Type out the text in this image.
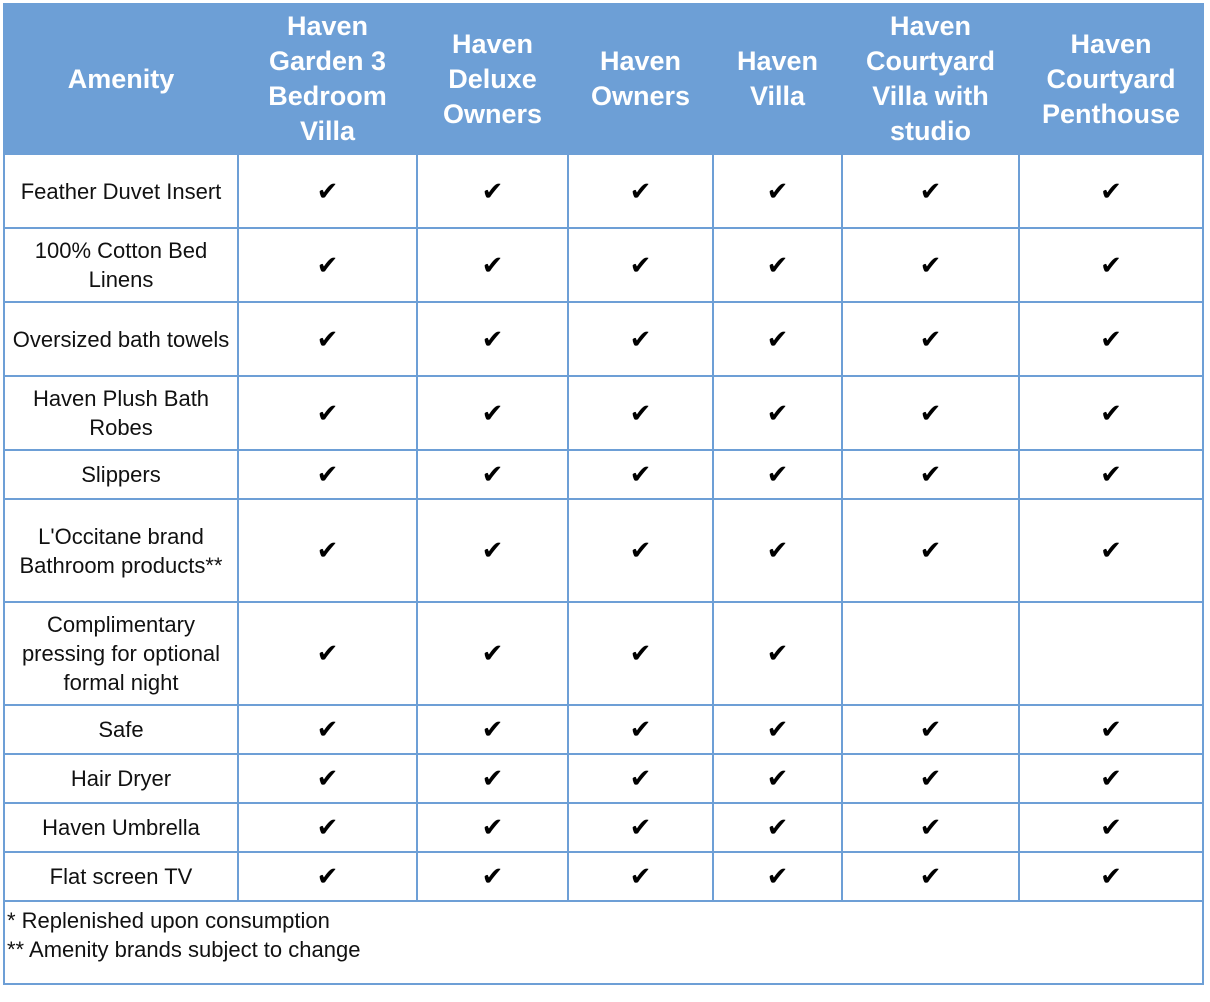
Amenity	Haven Garden 3 Bedroom Villa	Haven Deluxe Owners	Haven Owners	Haven Villa	Haven Courtyard Villa with studio	Haven Courtyard Penthouse
Feather Duvet Insert	✔	✔	✔	✔	✔	✔
100% Cotton Bed Linens	✔	✔	✔	✔	✔	✔
Oversized bath towels	✔	✔	✔	✔	✔	✔
Haven Plush Bath Robes	✔	✔	✔	✔	✔	✔
Slippers	✔	✔	✔	✔	✔	✔
L'Occitane brand Bathroom products**	✔	✔	✔	✔	✔	✔
Complimentary pressing for optional formal night	✔	✔	✔	✔		
Safe	✔	✔	✔	✔	✔	✔
Hair Dryer	✔	✔	✔	✔	✔	✔
Haven Umbrella	✔	✔	✔	✔	✔	✔
Flat screen TV	✔	✔	✔	✔	✔	✔

* Replenished upon consumption
** Amenity brands subject to change						
